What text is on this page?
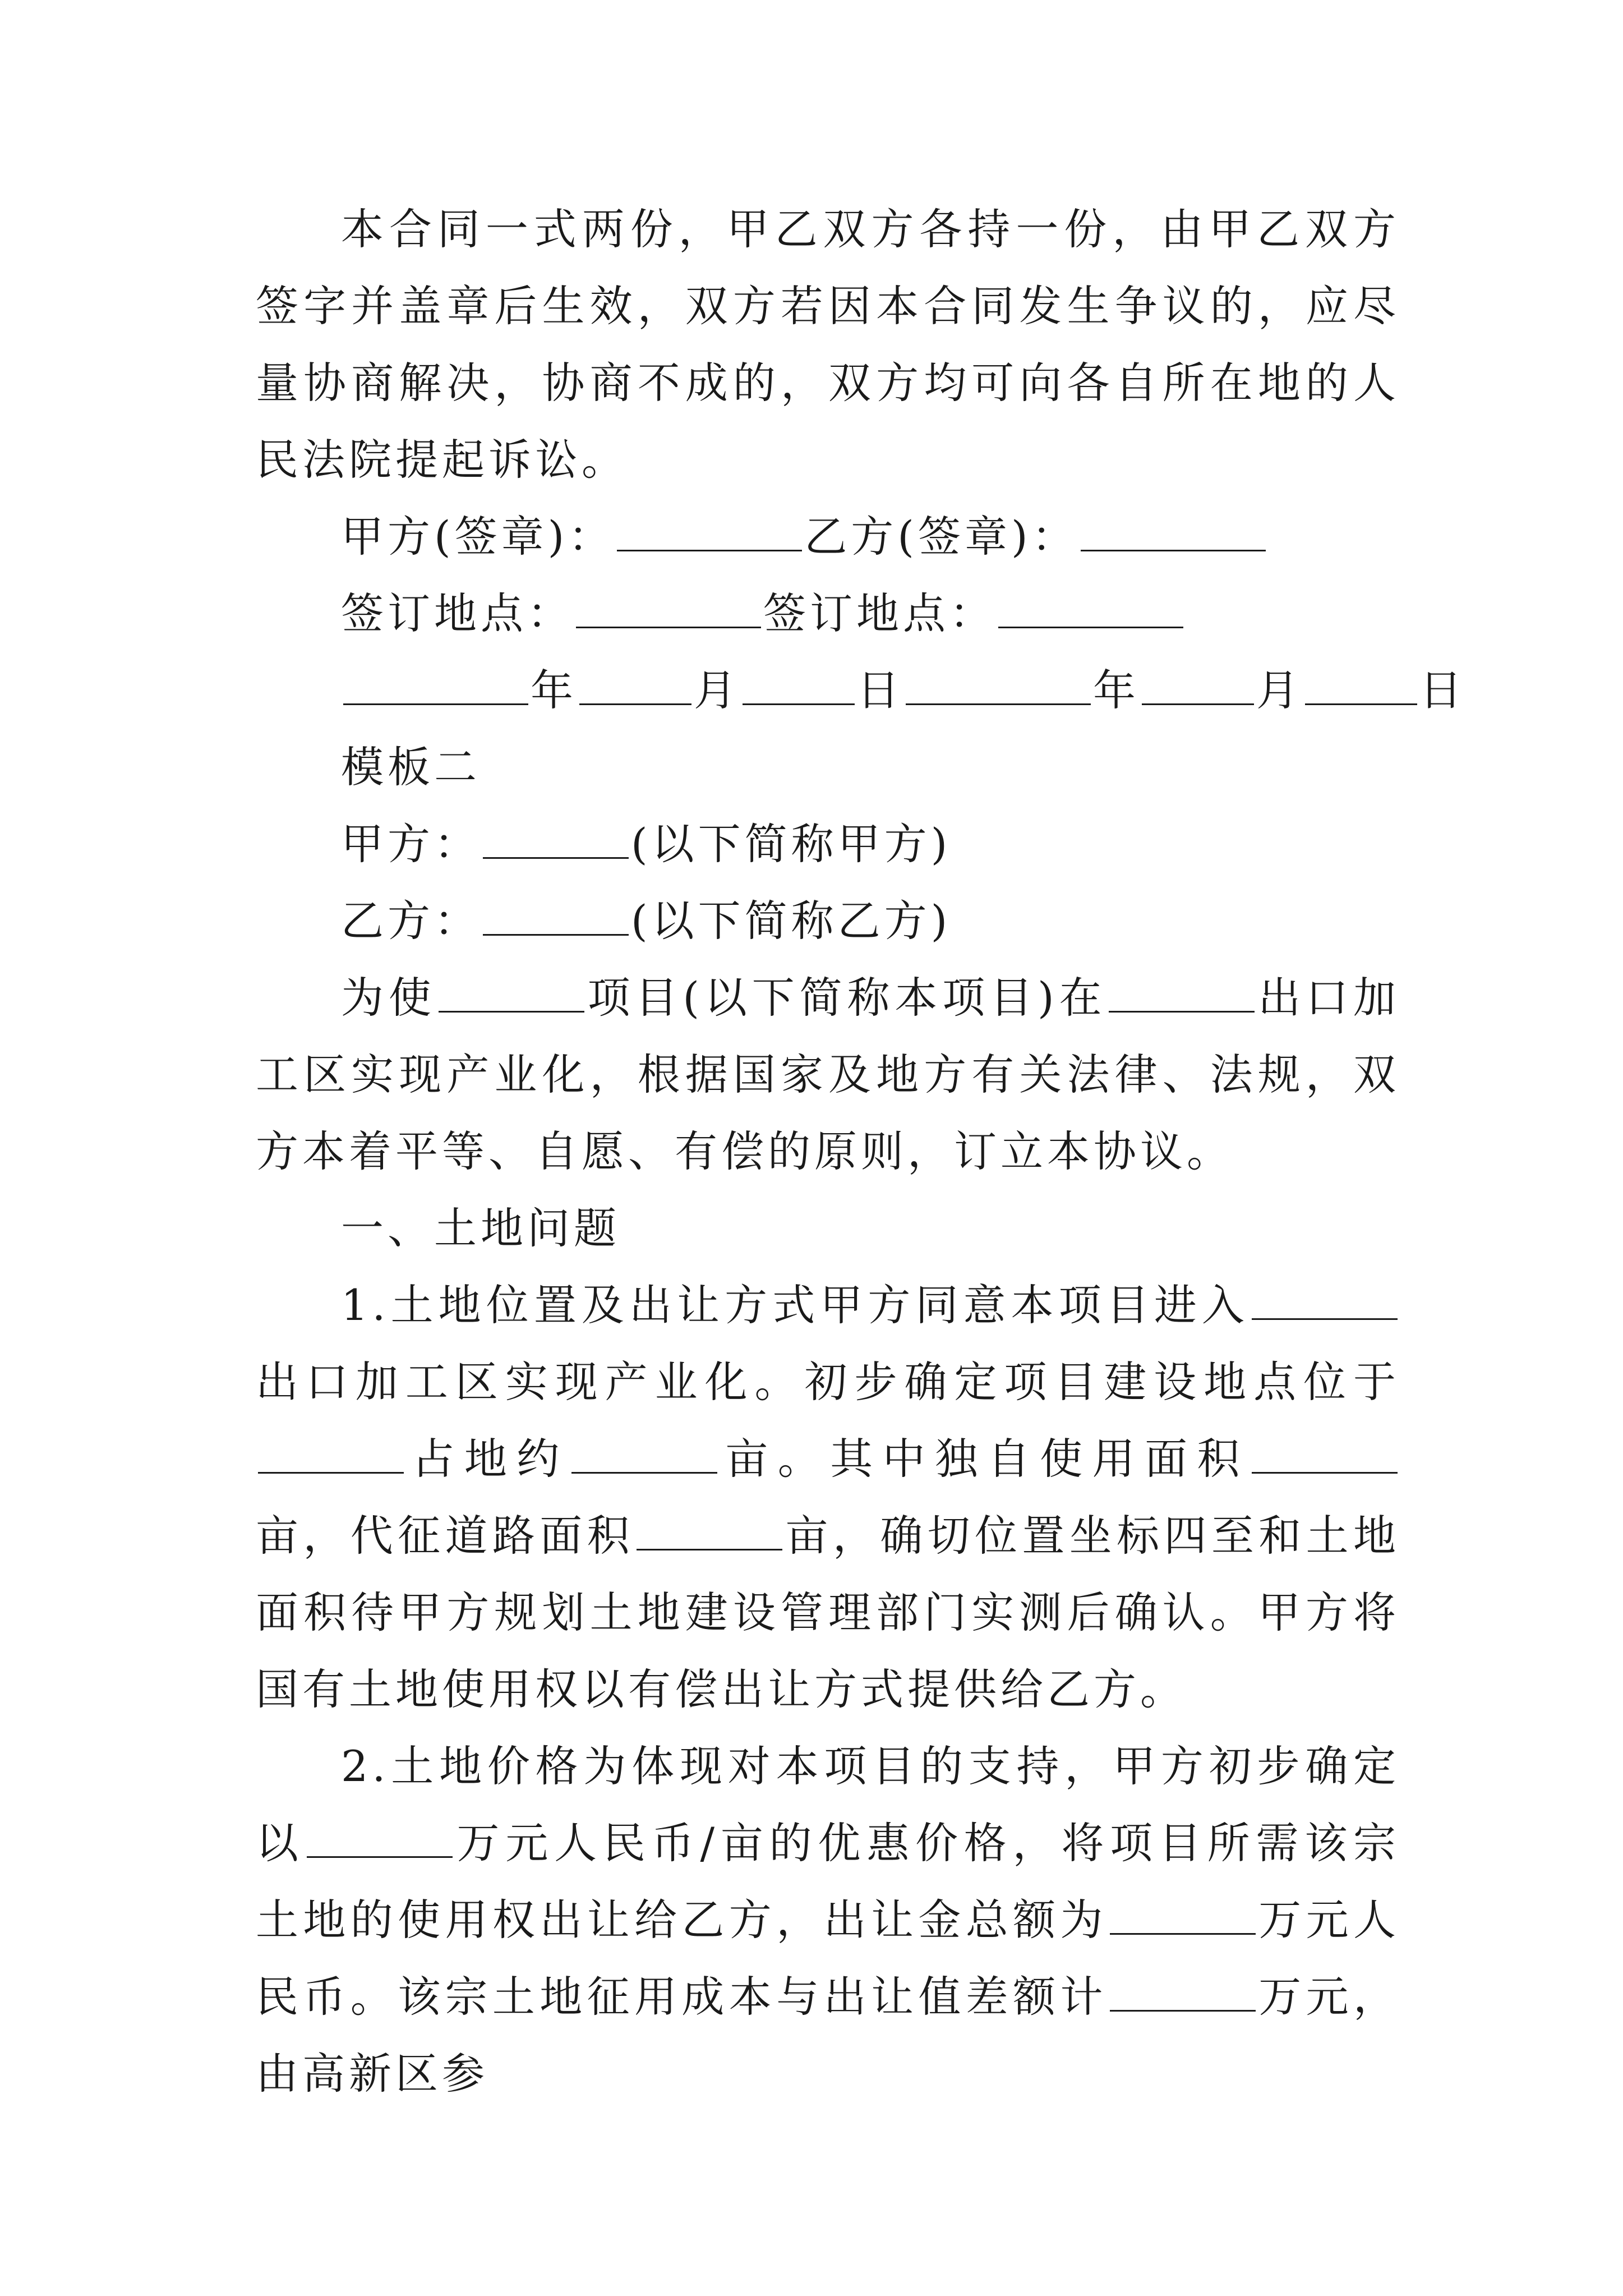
本合同一式两份，甲乙双方各持一份，由甲乙双方签字并盖章后生效，双方若因本合同发生争议的，应尽量协商解决，协商不成的，双方均可向各自所在地的人民法院提起诉讼。

甲方(签章)：	乙方(签章)：

签订地点：	签订地点：

年	月	日	年	月	日

模板二

甲方：	(以下简称甲方)

乙方：	(以下简称乙方)

为使	项目(以下简称本项目)在	出口加工区实现产业化，根据国家及地方有关法律、法规，双方本着平等、自愿、有偿的原则，订立本协议。

一、土地问题

1.土地位置及出让方式甲方同意本项目进入出口加工区实现产业化。初步确定项目建设地点位于占地约	亩。其中独自使用面积亩，代征道路面积	亩，确切位置坐标四至和土地面积待甲方规划土地建设管理部门实测后确认。甲方将国有土地使用权以有偿出让方式提供给乙方。

2.土地价格为体现对本项目的支持，甲方初步确定以	万元人民币/亩的优惠价格，将项目所需该宗土地的使用权出让给乙方，出让金总额为	万元人民币。该宗土地征用成本与出让值差额计	万元，由高新区参
